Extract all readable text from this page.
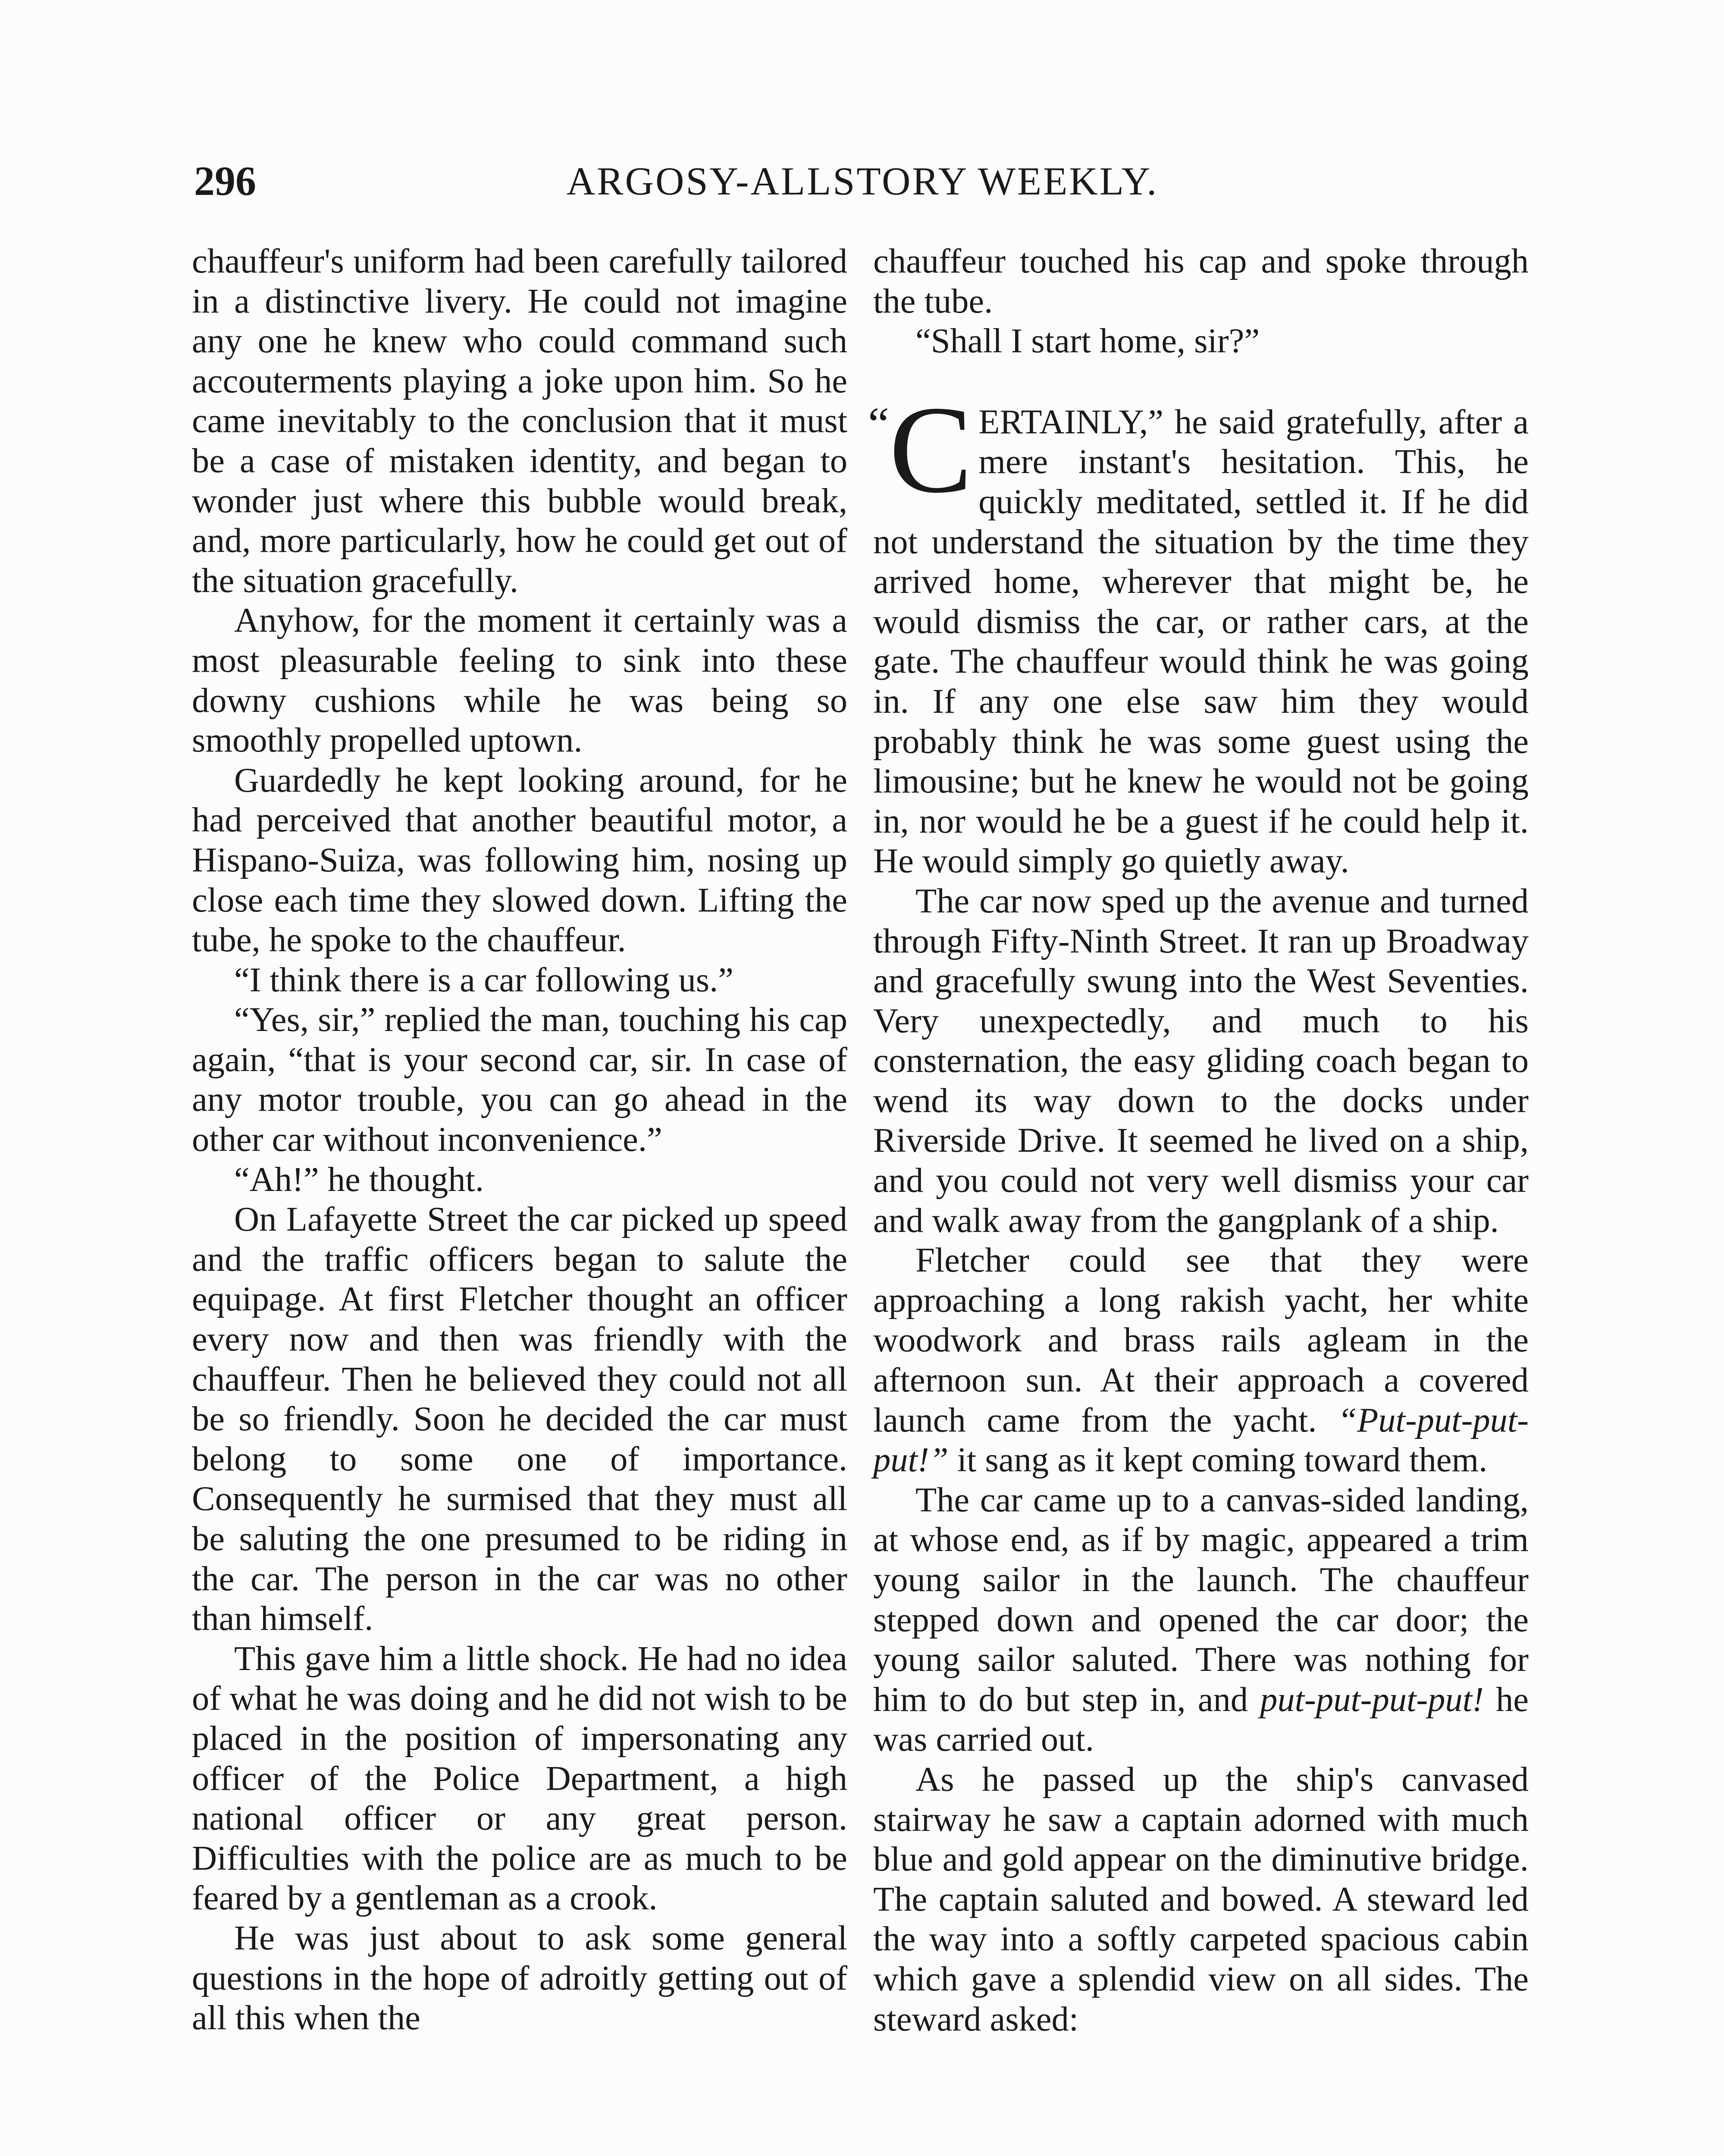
296	ARGOSY-ALLSTORY WEEKLY.

chauffeur's uniform had been carefully tailored in a distinctive livery. He could not imagine any one he knew who could command such accouterments playing a joke upon him. So he came inevitably to the conclusion that it must be a case of mistaken identity, and began to wonder just where this bubble would break, and, more particularly, how he could get out of the situation gracefully.

Anyhow, for the moment it certainly was a most pleasurable feeling to sink into these downy cushions while he was being so smoothly propelled uptown.

Guardedly he kept looking around, for he had perceived that another beautiful motor, a Hispano-Suiza, was following him, nosing up close each time they slowed down. Lifting the tube, he spoke to the chauffeur.

“I think there is a car following us.”

“Yes, sir,” replied the man, touching his cap again, “that is your second car, sir. In case of any motor trouble, you can go ahead in the other car without inconvenience.”

“Ah!” he thought.

On Lafayette Street the car picked up speed and the traffic officers began to salute the equipage. At first Fletcher thought an officer every now and then was friendly with the chauffeur. Then he believed they could not all be so friendly. Soon he decided the car must belong to some one of importance. Consequently he surmised that they must all be saluting the one presumed to be riding in the car. The person in the car was no other than himself.

This gave him a little shock. He had no idea of what he was doing and he did not wish to be placed in the position of impersonating any officer of the Police Department, a high national officer or any great person. Difficulties with the police are as much to be feared by a gentleman as a crook.

He was just about to ask some general questions in the hope of adroitly getting out of all this when the

chauffeur touched his cap and spoke through the tube.

“Shall I start home, sir?”

“C ERTAINLY,” he said gratefully, after a mere instant's hesitation. This, he quickly meditated, settled it. If he did not understand the situation by the time they arrived home, wherever that might be, he would dismiss the car, or rather cars, at the gate. The chauffeur would think he was going in. If any one else saw him they would probably think he was some guest using the limousine; but he knew he would not be going in, nor would he be a guest if he could help it. He would simply go quietly away.

The car now sped up the avenue and turned through Fifty-Ninth Street. It ran up Broadway and gracefully swung into the West Seventies. Very unexpectedly, and much to his consternation, the easy gliding coach began to wend its way down to the docks under Riverside Drive. It seemed he lived on a ship, and you could not very well dismiss your car and walk away from the gangplank of a ship.

Fletcher could see that they were approaching a long rakish yacht, her white woodwork and brass rails agleam in the afternoon sun. At their approach a covered launch came from the yacht. “Put-put-put-put!” it sang as it kept coming toward them.

The car came up to a canvas-sided landing, at whose end, as if by magic, appeared a trim young sailor in the launch. The chauffeur stepped down and opened the car door; the young sailor saluted. There was nothing for him to do but step in, and put-put-put-put! he was carried out.

As he passed up the ship's canvased stairway he saw a captain adorned with much blue and gold appear on the diminutive bridge. The captain saluted and bowed. A steward led the way into a softly carpeted spacious cabin which gave a splendid view on all sides. The steward asked:
